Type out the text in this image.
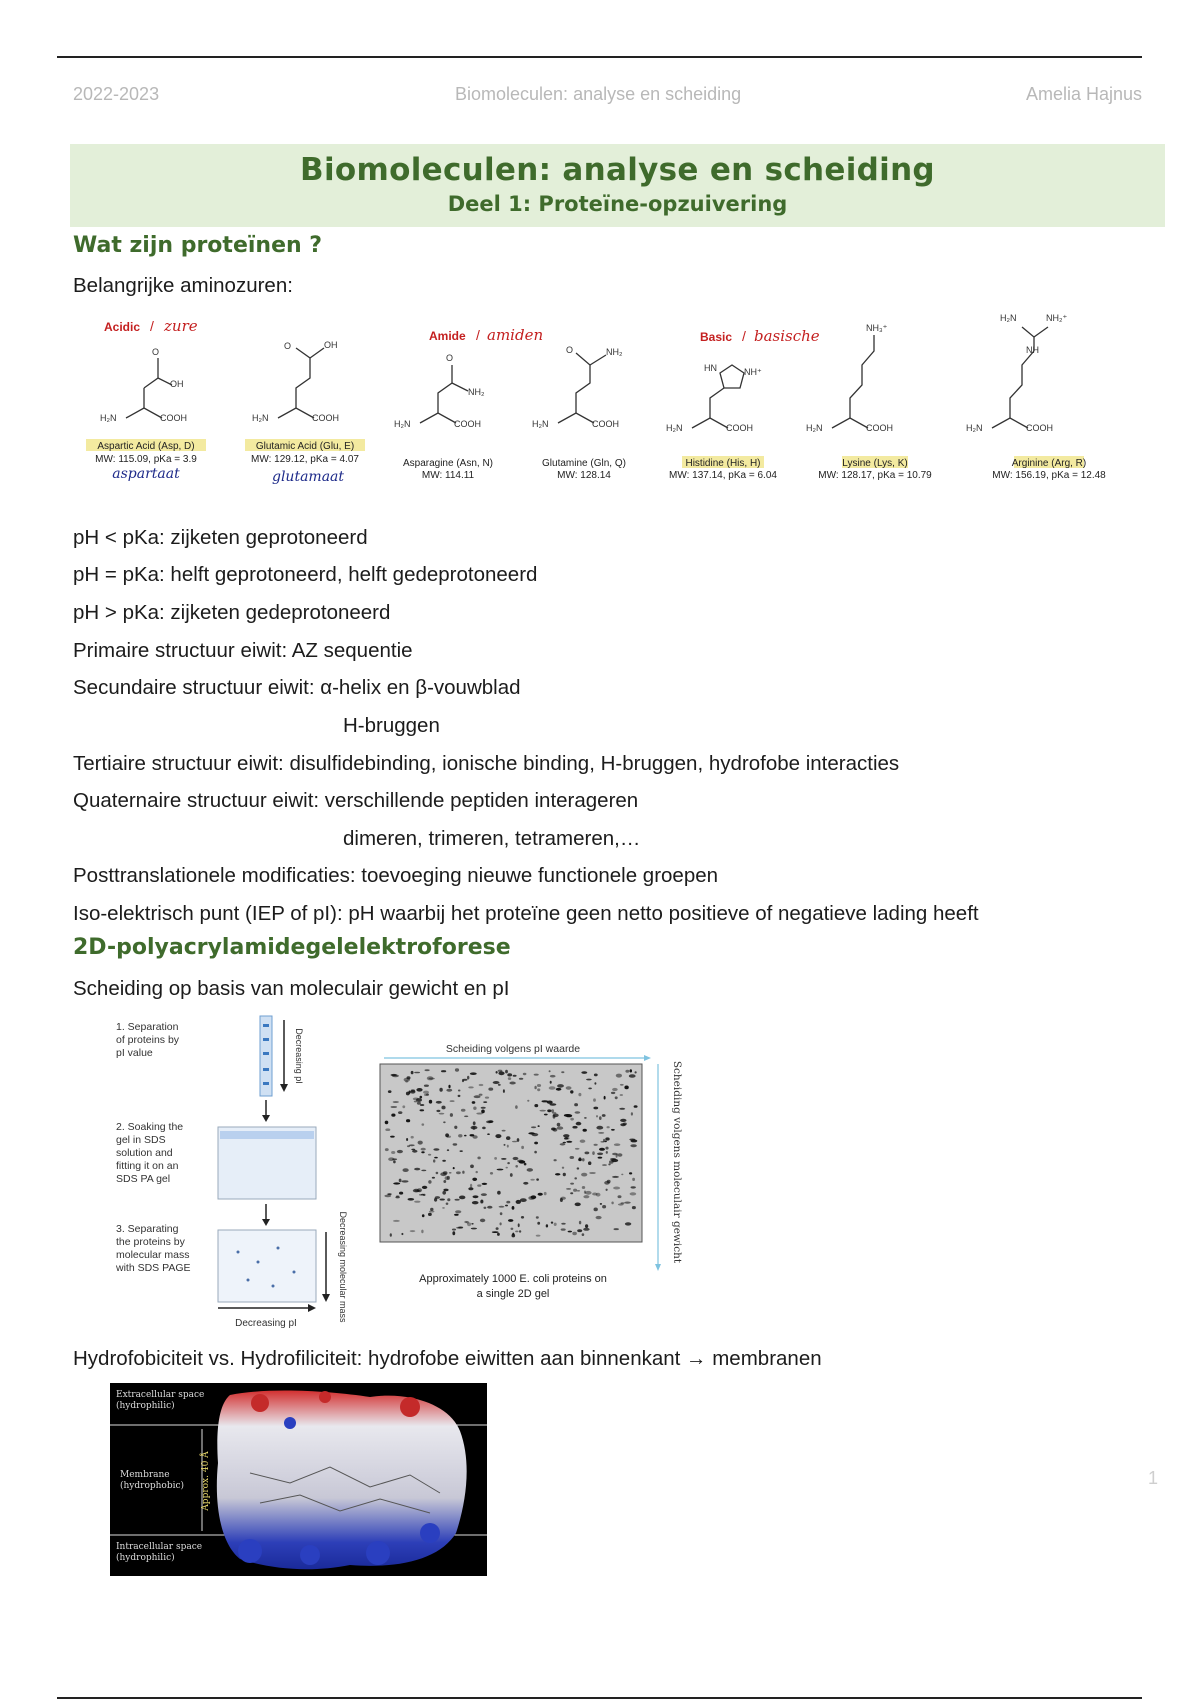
2022-2023	Biomoleculen: analyse en scheiding	Amelia Hajnus
Biomoleculen: analyse en scheiding
Deel 1: Proteïne-opzuivering
Wat zijn proteïnen ?
Belangrijke aminozuren:
Acidic / zure
Amide / amiden	Basic / basische
H₂N	COOH
O
OH
H₂N	COOH
O	OH
H₂N	COOH
O
NH₂
H₂N	COOH
O	NH₂
H₂N	COOH
HN	NH⁺
H₂N	COOH
NH₃⁺
H₂N	COOH
NH
H₂N	NH₂⁺
Aspartic Acid (Asp, D)
MW: 115.09, pKa = 3.9
Glutamic Acid (Glu, E)
MW: 129.12, pKa = 4.07	Asparagine (Asn, N)
MW: 114.11
Glutamine (Gln, Q)
MW: 128.14
Histidine (His, H)
MW: 137.14, pKa = 6.04
Lysine (Lys, K)
MW: 128.17, pKa = 10.79
Arginine (Arg, R)
MW: 156.19, pKa = 12.48
aspartaat	glutamaat
pH < pKa: zijketen geprotoneerd
pH = pKa: helft geprotoneerd, helft gedeprotoneerd
pH > pKa: zijketen gedeprotoneerd
Primaire structuur eiwit: AZ sequentie
Secundaire structuur eiwit: α-helix en β-vouwblad
H-bruggen
Tertiaire structuur eiwit: disulfidebinding, ionische binding, H-bruggen, hydrofobe interacties
Quaternaire structuur eiwit: verschillende peptiden interageren
dimeren, trimeren, tetrameren,…
Posttranslationele modificaties: toevoeging nieuwe functionele groepen
Iso-elektrisch punt (IEP of pI): pH waarbij het proteïne geen netto positieve of negatieve lading heeft
2D-polyacrylamidegelelektroforese
Scheiding op basis van moleculair gewicht en pI
1. Separation
of proteins by
pI value
2. Soaking the
gel in SDS
solution and
fitting it on an
SDS PA gel
3. Separating
the proteins by
molecular mass
with SDS PAGE
Decreasing pI
Decreasing molecular mass
Decreasing pI
Scheiding volgens pI waarde
Scheiding volgens moleculair gewicht
Approximately 1000 E. coli proteins on
a single 2D gel
Hydrofobiciteit vs. Hydrofiliciteit: hydrofobe eiwitten aan binnenkant → membranen
Extracellular space
(hydrophilic)
Membrane
(hydrophobic)
Intracellular space
(hydrophilic)
Approx. 40 Å	1
